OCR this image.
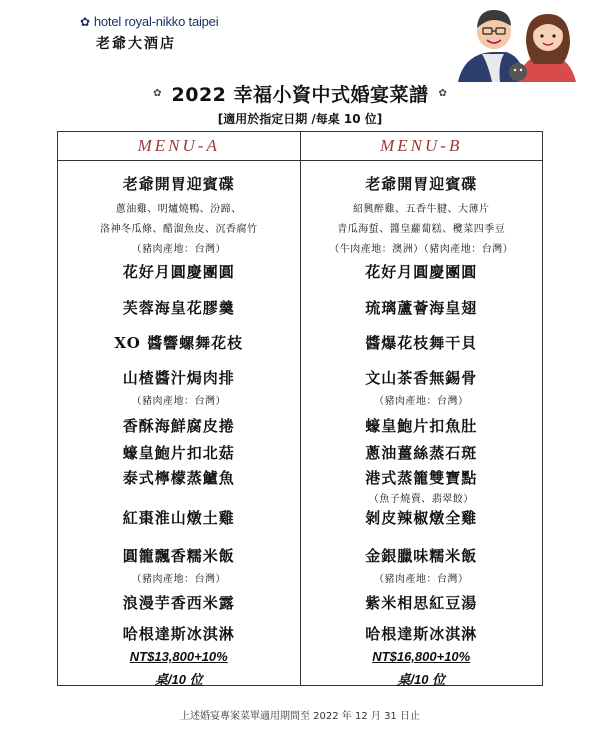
✿ hotel royal-nikko taipei
老爺大酒店
✿ 2022 幸福小資中式婚宴菜譜 ✿
[適用於指定日期 /每桌 10 位]
MENU-A
老爺開胃迎賓碟
蔥油雞、明爐燒鴨、汾蹄、
洛神冬瓜條、醋溜魚皮、沉香腐竹
（豬肉產地：台灣）
花好月圓慶團圓
芙蓉海皇花膠羹
XO 醬響螺舞花枝
山楂醬汁焗肉排
（豬肉產地：台灣）
香酥海鮮腐皮捲
蠔皇鮑片扣北菇
泰式檸檬蒸鱸魚
紅棗淮山燉土雞
圓籠飄香糯米飯
（豬肉產地：台灣）
浪漫芋香西米露
哈根達斯冰淇淋
NT$13,800+10%
桌/10 位
MENU-B
老爺開胃迎賓碟
紹興醉雞、五香牛腱、大薄片
青瓜海蜇、醬皇蘿蔔糕、欖菜四季豆
（牛肉產地：澳洲）（豬肉產地：台灣）
花好月圓慶團圓
琉璃蘆薈海皇翅
醬爆花枝舞干貝
文山茶香無錫骨
（豬肉產地：台灣）
蠔皇鮑片扣魚肚
蔥油薑絲蒸石斑
港式蒸籠雙寶點
（魚子燒賣、翡翠餃）
剝皮辣椒燉全雞
金銀臘味糯米飯
（豬肉產地：台灣）
紫米相思紅豆湯
哈根達斯冰淇淋
NT$16,800+10%
桌/10 位
上述婚宴專案菜單適用期間至 2022 年 12 月 31 日止
